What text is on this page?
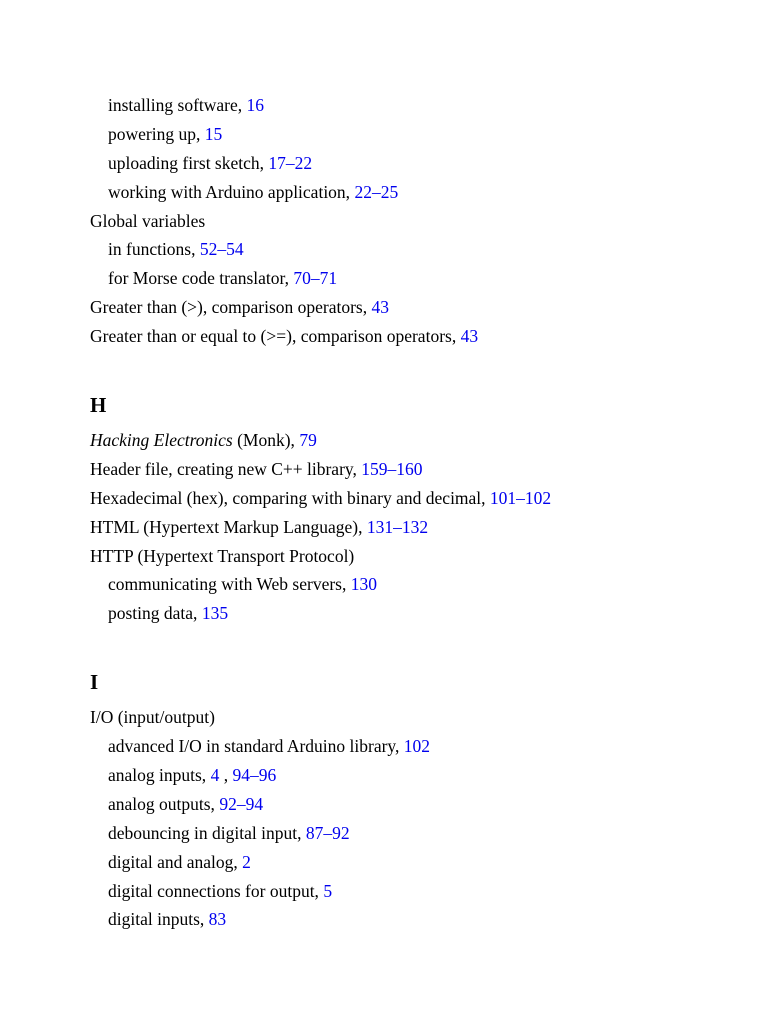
installing software, 16
powering up, 15
uploading first sketch, 17–22
working with Arduino application, 22–25
Global variables
in functions, 52–54
for Morse code translator, 70–71
Greater than (>), comparison operators, 43
Greater than or equal to (>=), comparison operators, 43
H
Hacking Electronics (Monk), 79
Header file, creating new C++ library, 159–160
Hexadecimal (hex), comparing with binary and decimal, 101–102
HTML (Hypertext Markup Language), 131–132
HTTP (Hypertext Transport Protocol)
communicating with Web servers, 130
posting data, 135
I
I/O (input/output)
advanced I/O in standard Arduino library, 102
analog inputs, 4 , 94–96
analog outputs, 92–94
debouncing in digital input, 87–92
digital and analog, 2
digital connections for output, 5
digital inputs, 83
